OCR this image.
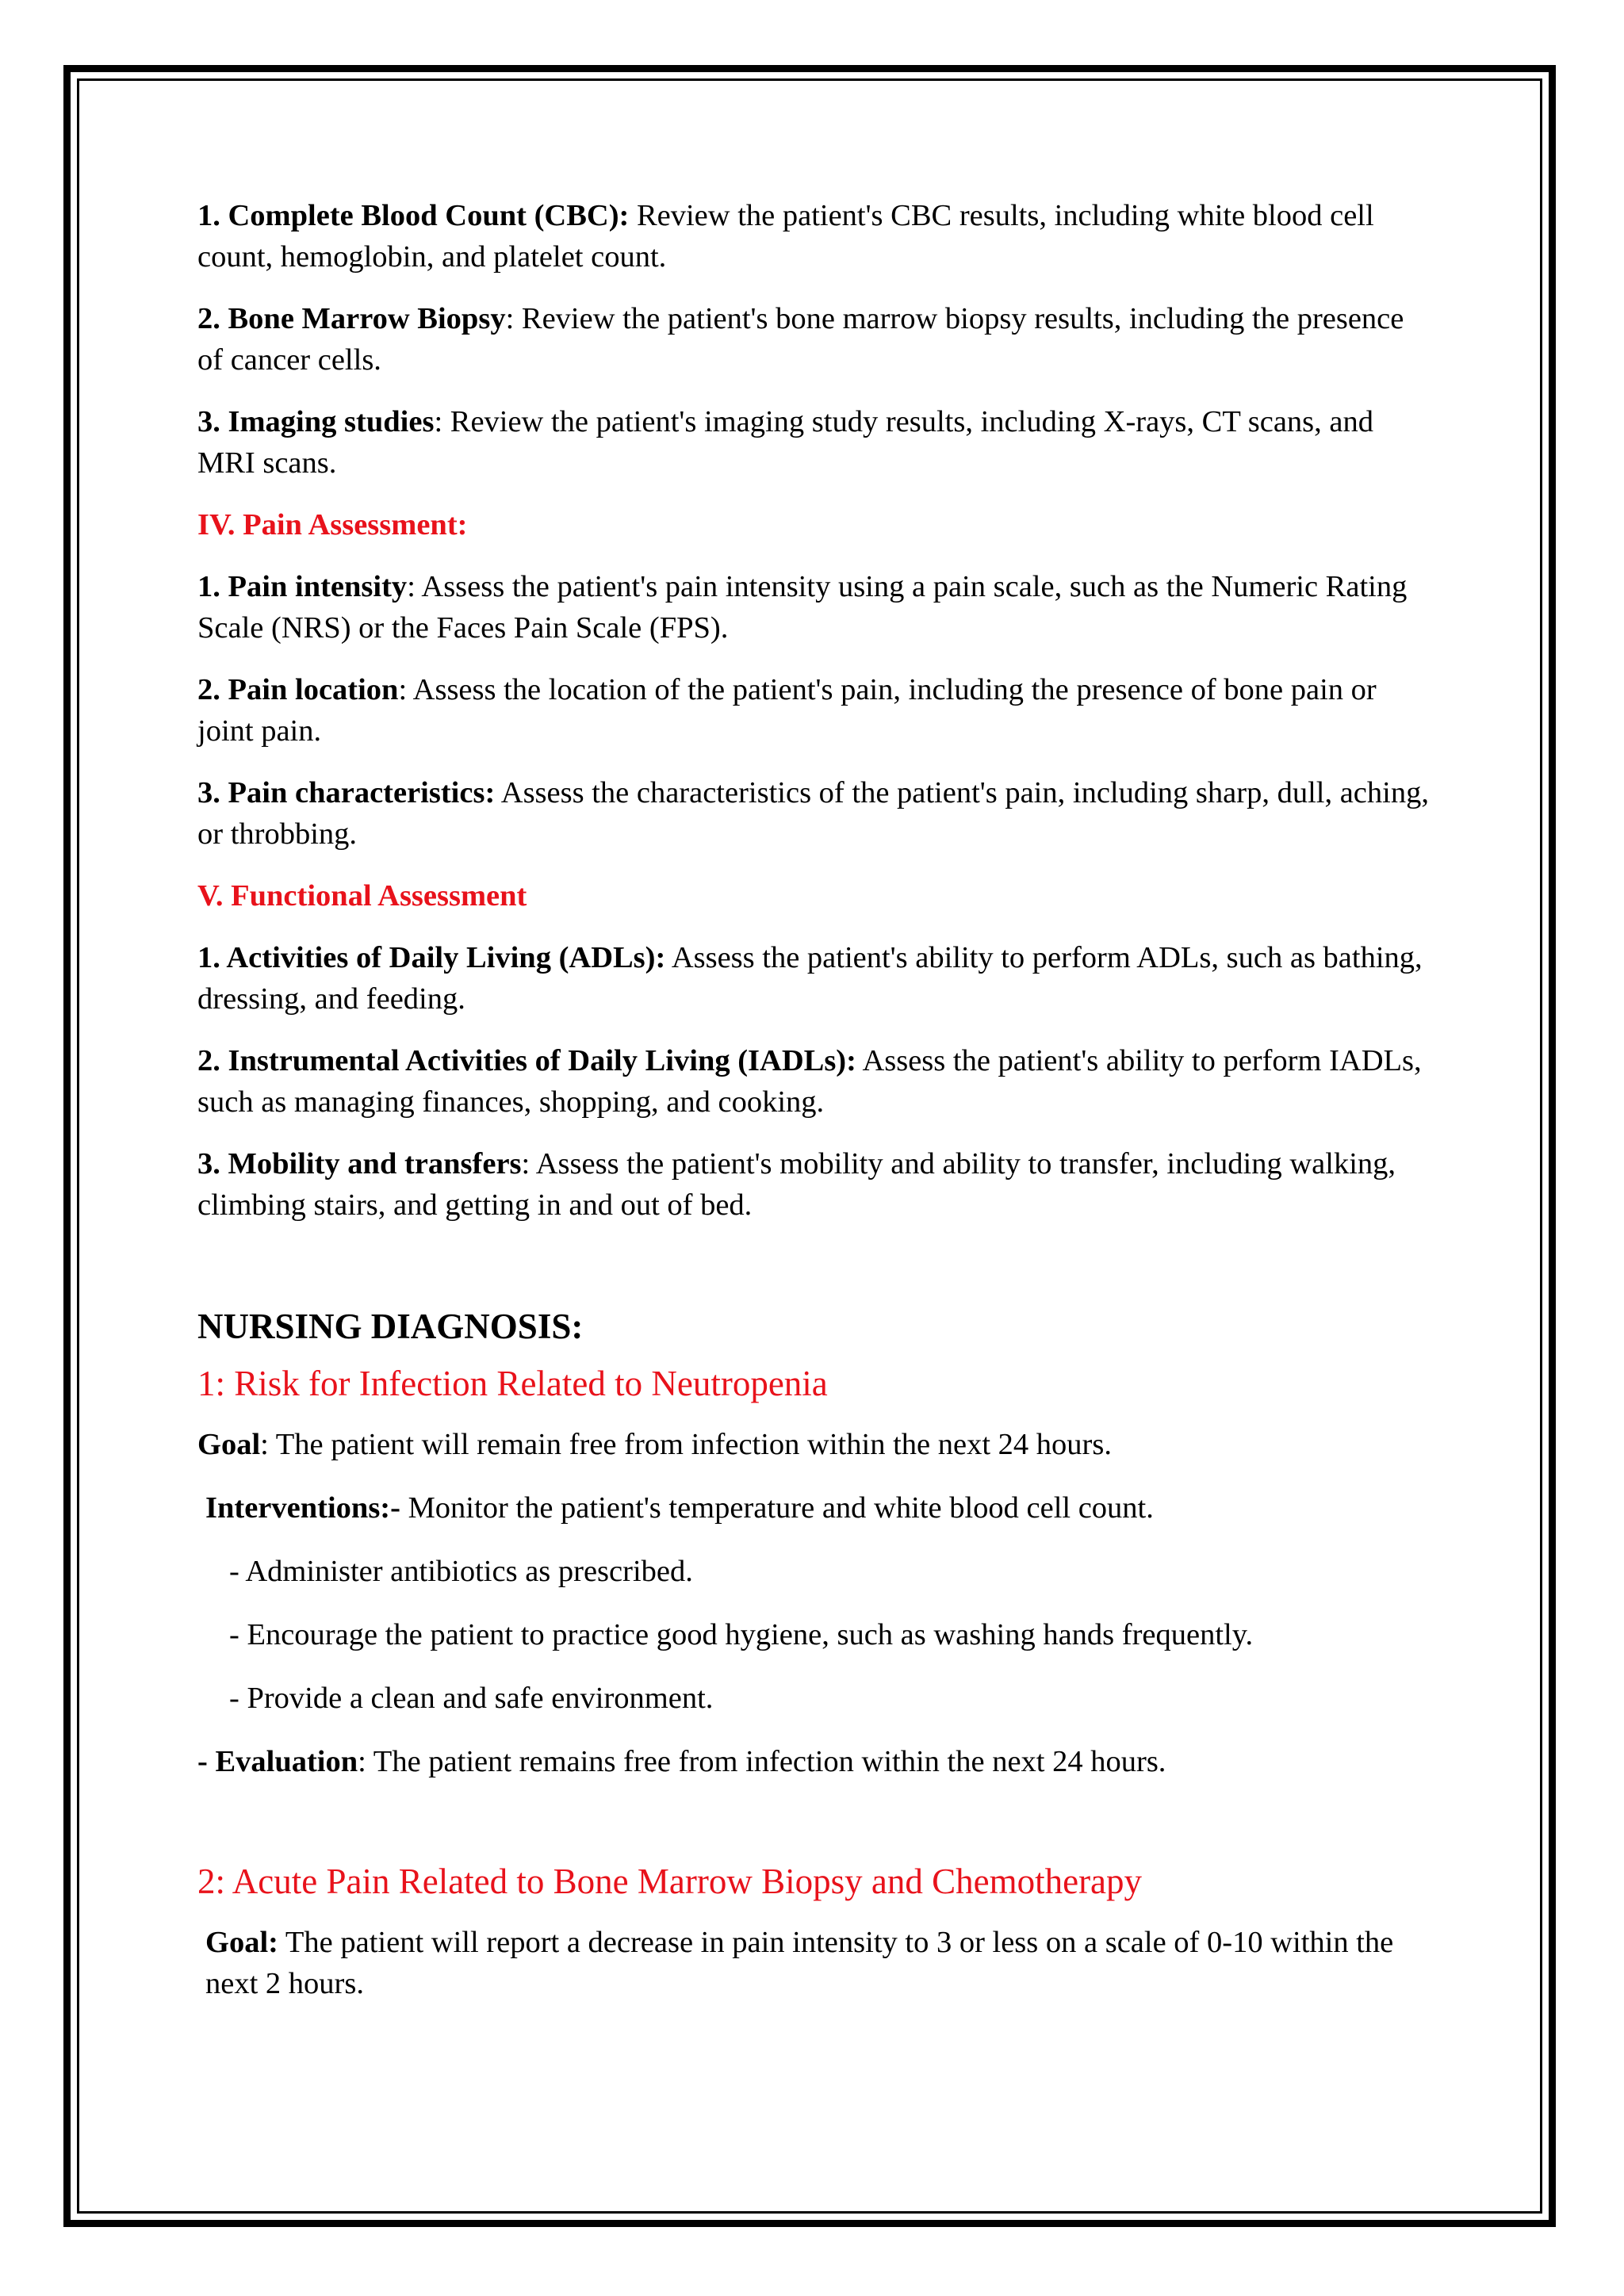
1. Complete Blood Count (CBC): Review the patient's CBC results, including white blood cell count, hemoglobin, and platelet count.

2. Bone Marrow Biopsy: Review the patient's bone marrow biopsy results, including the presence of cancer cells.

3. Imaging studies: Review the patient's imaging study results, including X-rays, CT scans, and MRI scans.

IV. Pain Assessment:

1. Pain intensity: Assess the patient's pain intensity using a pain scale, such as the Numeric Rating Scale (NRS) or the Faces Pain Scale (FPS).

2. Pain location: Assess the location of the patient's pain, including the presence of bone pain or joint pain.

3. Pain characteristics: Assess the characteristics of the patient's pain, including sharp, dull, aching, or throbbing.

V. Functional Assessment

1. Activities of Daily Living (ADLs): Assess the patient's ability to perform ADLs, such as bathing, dressing, and feeding.

2. Instrumental Activities of Daily Living (IADLs): Assess the patient's ability to perform IADLs, such as managing finances, shopping, and cooking.

3. Mobility and transfers: Assess the patient's mobility and ability to transfer, including walking, climbing stairs, and getting in and out of bed.

NURSING DIAGNOSIS:

1: Risk for Infection Related to Neutropenia

Goal: The patient will remain free from infection within the next 24 hours.

Interventions:- Monitor the patient's temperature and white blood cell count.

- Administer antibiotics as prescribed.

- Encourage the patient to practice good hygiene, such as washing hands frequently.

- Provide a clean and safe environment.

- Evaluation: The patient remains free from infection within the next 24 hours.

2: Acute Pain Related to Bone Marrow Biopsy and Chemotherapy

Goal: The patient will report a decrease in pain intensity to 3 or less on a scale of 0-10 within the next 2 hours.
